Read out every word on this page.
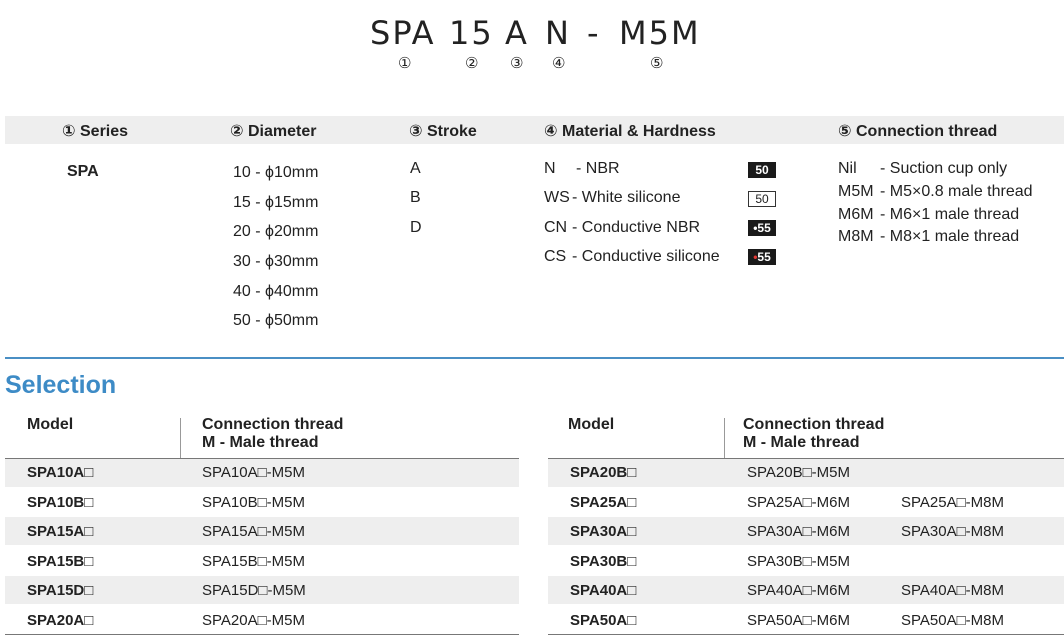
SPA 15 A N - M5M
①	② ③ ④	⑤
① Series	② Diameter	③ Stroke	④ Material & Hardness	⑤ Connection thread
SPA	10 - ϕ10mm
15 - ϕ15mm
20 - ϕ20mm
30 - ϕ30mm
40 - ϕ40mm
50 - ϕ50mm
A
B
D
N - NBR	50
WS - White silicone	50
CN - Conductive NBR	•55
CS - Conductive silicone	•55
Nil - Suction cup only
M5M - M5×0.8 male thread
M6M - M6×1 male thread
M8M - M8×1 male thread
Selection
Model	Connection thread
M - Male thread
SPA10A□	SPA10A□-M5M
SPA10B□	SPA10B□-M5M
SPA15A□	SPA15A□-M5M
SPA15B□	SPA15B□-M5M
SPA15D□	SPA15D□-M5M
SPA20A□	SPA20A□-M5M
Model	Connection thread
M - Male thread
SPA20B□	SPA20B□-M5M
SPA25A□	SPA25A□-M6M	SPA25A□-M8M
SPA30A□	SPA30A□-M6M	SPA30A□-M8M
SPA30B□	SPA30B□-M5M
SPA40A□	SPA40A□-M6M	SPA40A□-M8M
SPA50A□	SPA50A□-M6M	SPA50A□-M8M
